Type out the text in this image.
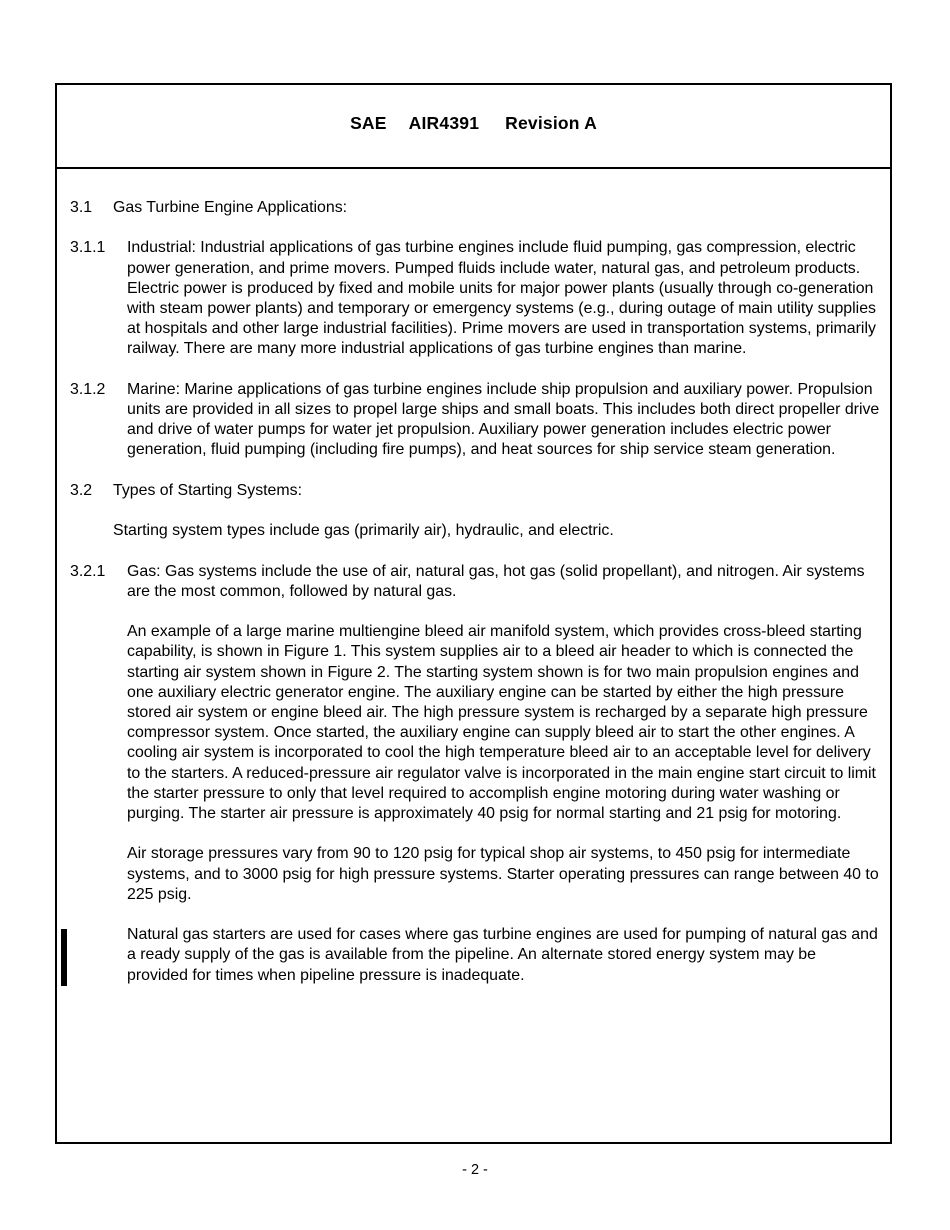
SAE AIR4391 Revision A
3.1 Gas Turbine Engine Applications:
3.1.1 Industrial: Industrial applications of gas turbine engines include fluid pumping, gas compression, electric power generation, and prime movers. Pumped fluids include water, natural gas, and petroleum products. Electric power is produced by fixed and mobile units for major power plants (usually through co-generation with steam power plants) and temporary or emergency systems (e.g., during outage of main utility supplies at hospitals and other large industrial facilities). Prime movers are used in transportation systems, primarily railway. There are many more industrial applications of gas turbine engines than marine.

3.1.2 Marine: Marine applications of gas turbine engines include ship propulsion and auxiliary power. Propulsion units are provided in all sizes to propel large ships and small boats. This includes both direct propeller drive and drive of water pumps for water jet propulsion. Auxiliary power generation includes electric power generation, fluid pumping (including fire pumps), and heat sources for ship service steam generation.

3.2 Types of Starting Systems:
Starting system types include gas (primarily air), hydraulic, and electric.
3.2.1 Gas: Gas systems include the use of air, natural gas, hot gas (solid propellant), and nitrogen. Air systems are the most common, followed by natural gas.

An example of a large marine multiengine bleed air manifold system, which provides cross-bleed starting capability, is shown in Figure 1. This system supplies air to a bleed air header to which is connected the starting air system shown in Figure 2. The starting system shown is for two main propulsion engines and one auxiliary electric generator engine. The auxiliary engine can be started by either the high pressure stored air system or engine bleed air. The high pressure system is recharged by a separate high pressure compressor system. Once started, the auxiliary engine can supply bleed air to start the other engines. A cooling air system is incorporated to cool the high temperature bleed air to an acceptable level for delivery to the starters. A reduced-pressure air regulator valve is incorporated in the main engine start circuit to limit the starter pressure to only that level required to accomplish engine motoring during water washing or purging. The starter air pressure is approximately 40 psig for normal starting and 21 psig for motoring.

Air storage pressures vary from 90 to 120 psig for typical shop air systems, to 450 psig for intermediate systems, and to 3000 psig for high pressure systems. Starter operating pressures can range between 40 to 225 psig.

Natural gas starters are used for cases where gas turbine engines are used for pumping of natural gas and a ready supply of the gas is available from the pipeline. An alternate stored energy system may be provided for times when pipeline pressure is inadequate.

- 2 -
